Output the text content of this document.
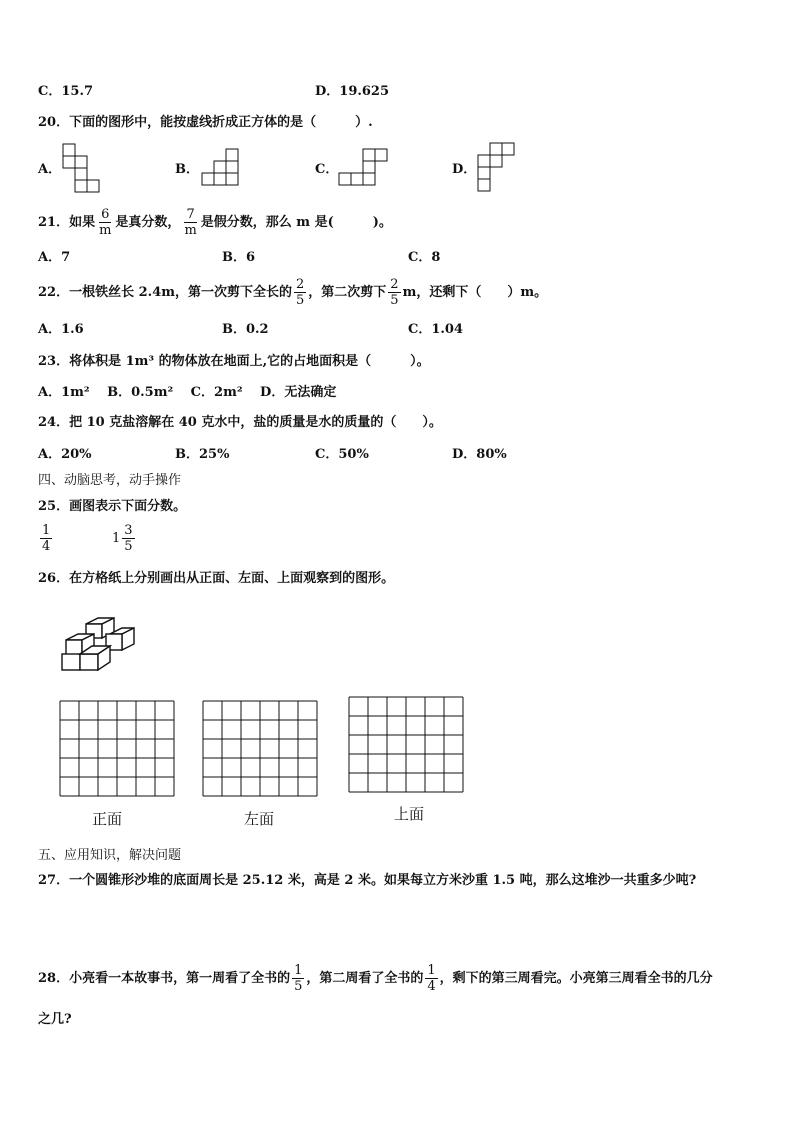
C．15.7	D．19.625
20．下面的图形中，能按虚线折成正方体的是（　　　）.
A．	B．	C．	D．
21．如果 $\frac{6}{m}$ 是真分数， $\frac{7}{m}$ 是假分数，那么 m 是(　　　)。
A．7	B．6	C．8
22．一根铁丝长 2.4m，第一次剪下全长的 $\frac{2}{5}$ ，第二次剪下 $\frac{2}{5}$ m，还剩下（　　）m。
A．1.6	B．0.2	C．1.04
23．将体积是 1m³ 的物体放在地面上,它的占地面积是（　　　）。
A．1m²　 B．0.5m²　 C．2m²　 D．无法确定
24．把 10 克盐溶解在 40 克水中，盐的质量是水的质量的（　　）。
A．20%	B．25%	C．50%	D．80%
四、动脑思考，动手操作
25．画图表示下面分数。
$\frac{1}{4}$	$1 \frac{3}{5}$
26．在方格纸上分别画出从正面、左面、上面观察到的图形。
正面	左面	上面
五、应用知识，解决问题
27．一个圆锥形沙堆的底面周长是 25.12 米，高是 2 米。如果每立方米沙重 1.5 吨，那么这堆沙一共重多少吨?
28．小亮看一本故事书，第一周看了全书的 $\frac{1}{5}$ ，第二周看了全书的 $\frac{1}{4}$ ，剩下的第三周看完。小亮第三周看全书的几分
之几?
